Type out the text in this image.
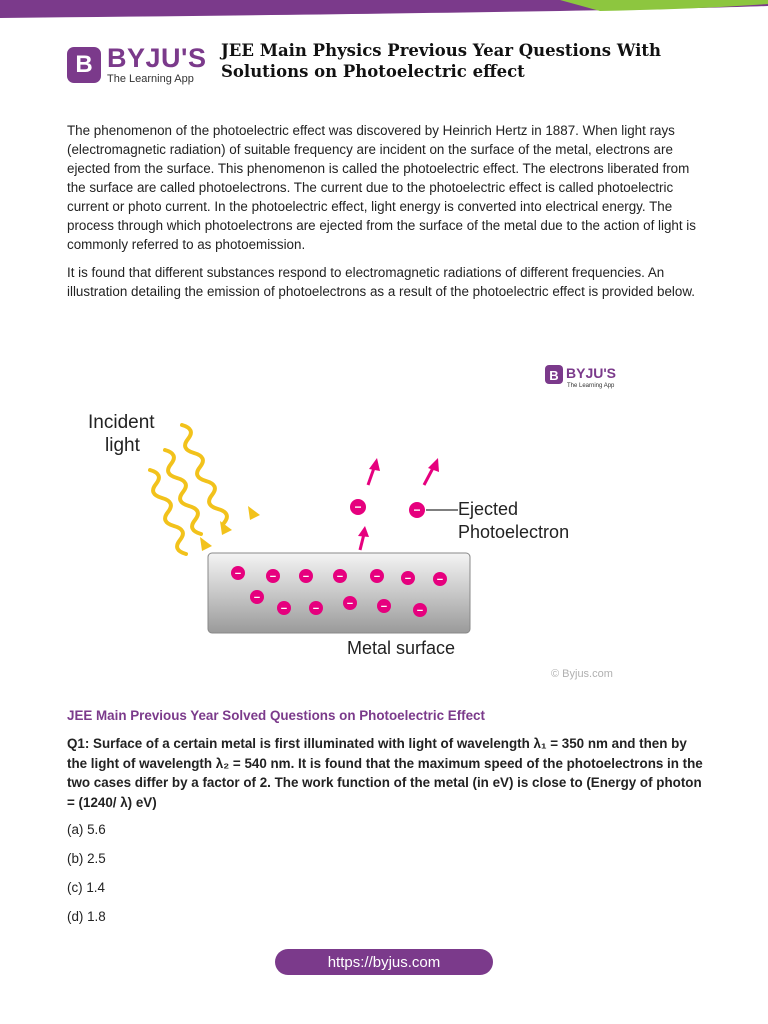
B BYJU'S
The Learning App
JEE Main Physics Previous Year Questions With Solutions on Photoelectric effect

The phenomenon of the photoelectric effect was discovered by Heinrich Hertz in 1887. When light rays (electromagnetic radiation) of suitable frequency are incident on the surface of the metal, electrons are ejected from the surface. This phenomenon is called the photoelectric effect. The electrons liberated from the surface are called photoelectrons. The current due to the photoelectric effect is called photoelectric current or photo current. In the photoelectric effect, light energy is converted into electrical energy. The process through which photoelectrons are ejected from the surface of the metal due to the action of light is commonly referred to as photoemission.

It is found that different substances respond to electromagnetic radiations of different frequencies. An illustration detailing the emission of photoelectrons as a result of the photoelectric effect is provided below.

B BYJU'S
The Learning App
Incident
light
−	− Ejected
Photoelectron
−	− −	−	− − −
−
− −	−	−	−
Metal surface
© Byjus.com
JEE Main Previous Year Solved Questions on Photoelectric Effect

Q1: Surface of a certain metal is first illuminated with light of wavelength λ₁ = 350 nm and then by the light of wavelength λ₂ = 540 nm. It is found that the maximum speed of the photoelectrons in the two cases differ by a factor of 2. The work function of the metal (in eV) is close to (Energy of photon = (1240/ λ) eV)

(a) 5.6

(b) 2.5

(c) 1.4

(d) 1.8

https://byjus.com
